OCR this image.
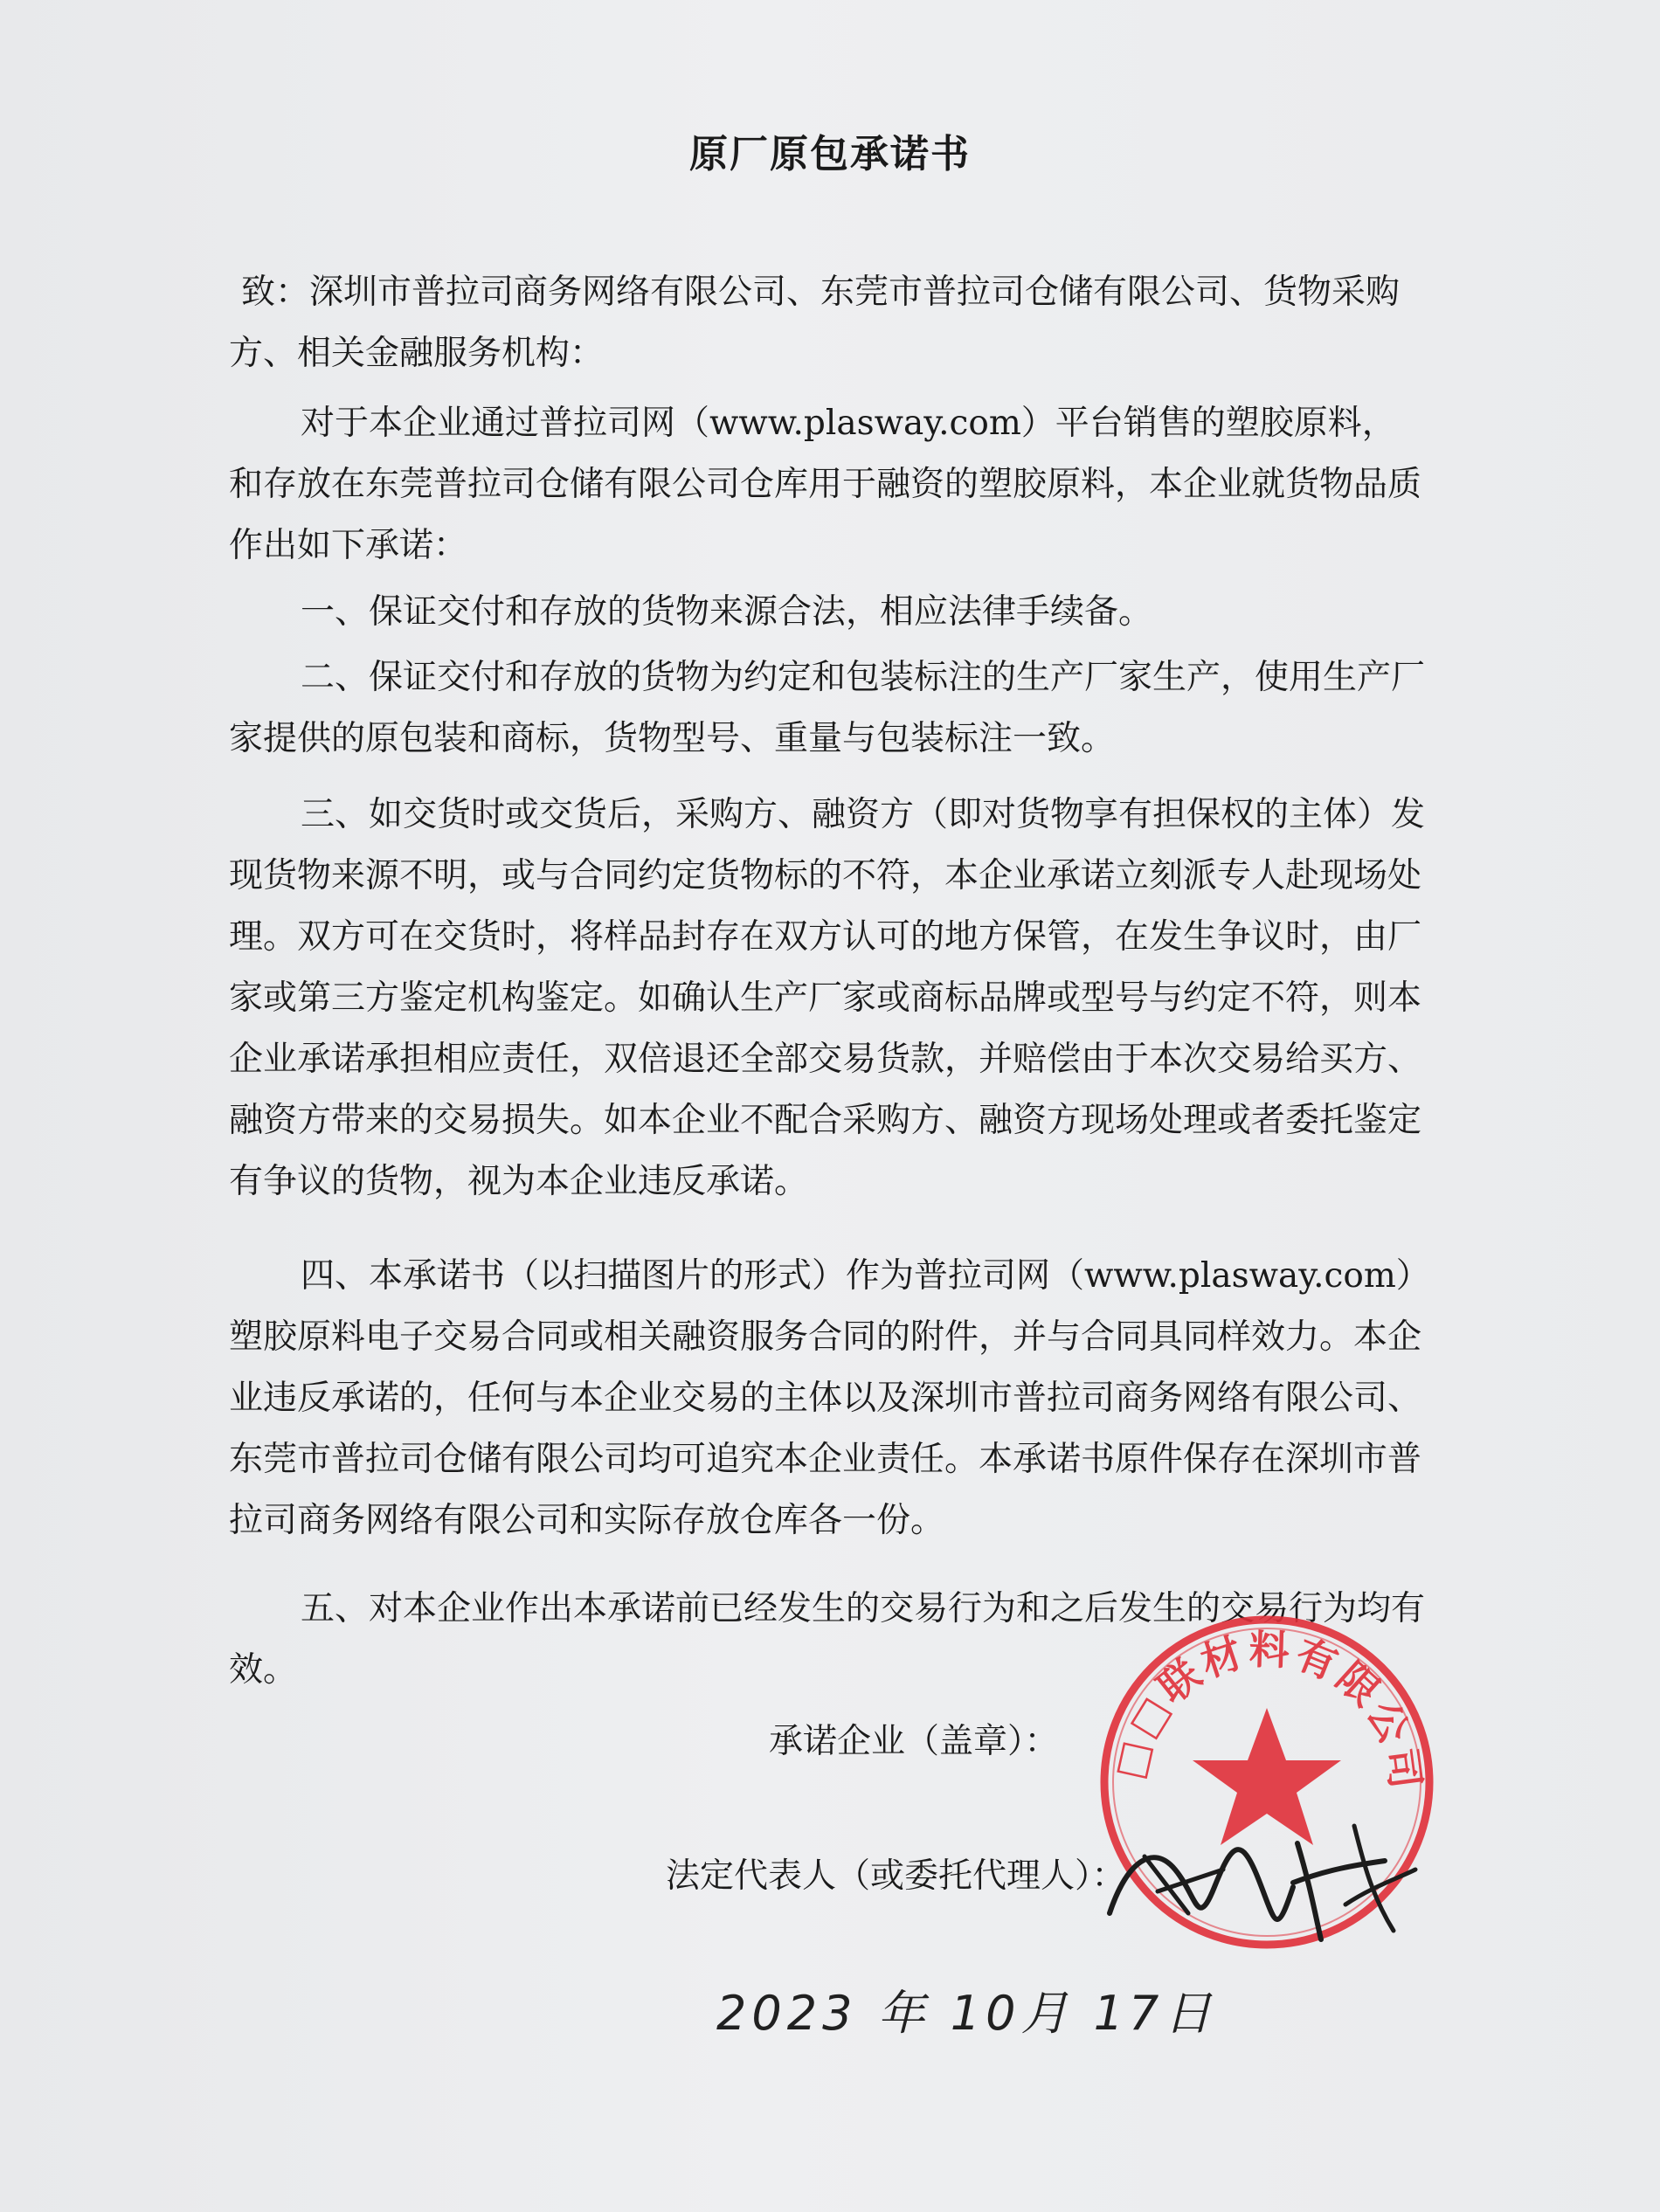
原厂原包承诺书
致：深圳市普拉司商务网络有限公司、东莞市普拉司仓储有限公司、货物采购方、相关金融服务机构：
对于本企业通过普拉司网（www.plasway.com）平台销售的塑胶原料，和存放在东莞普拉司仓储有限公司仓库用于融资的塑胶原料，本企业就货物品质作出如下承诺：
一、保证交付和存放的货物来源合法，相应法律手续备。
二、保证交付和存放的货物为约定和包装标注的生产厂家生产，使用生产厂家提供的原包装和商标，货物型号、重量与包装标注一致。
三、如交货时或交货后，采购方、融资方（即对货物享有担保权的主体）发现货物来源不明，或与合同约定货物标的不符，本企业承诺立刻派专人赴现场处理。双方可在交货时，将样品封存在双方认可的地方保管，在发生争议时，由厂家或第三方鉴定机构鉴定。如确认生产厂家或商标品牌或型号与约定不符，则本企业承诺承担相应责任，双倍退还全部交易货款，并赔偿由于本次交易给买方、融资方带来的交易损失。如本企业不配合采购方、融资方现场处理或者委托鉴定有争议的货物，视为本企业违反承诺。
四、本承诺书（以扫描图片的形式）作为普拉司网（www.plasway.com）塑胶原料电子交易合同或相关融资服务合同的附件，并与合同具同样效力。本企业违反承诺的，任何与本企业交易的主体以及深圳市普拉司商务网络有限公司、东莞市普拉司仓储有限公司均可追究本企业责任。本承诺书原件保存在深圳市普拉司商务网络有限公司和实际存放仓库各一份。
五、对本企业作出本承诺前已经发生的交易行为和之后发生的交易行为均有效。
承诺企业（盖章）：
法定代表人（或委托代理人）：
2023 年 10月 17日
□□联材料有限公司
